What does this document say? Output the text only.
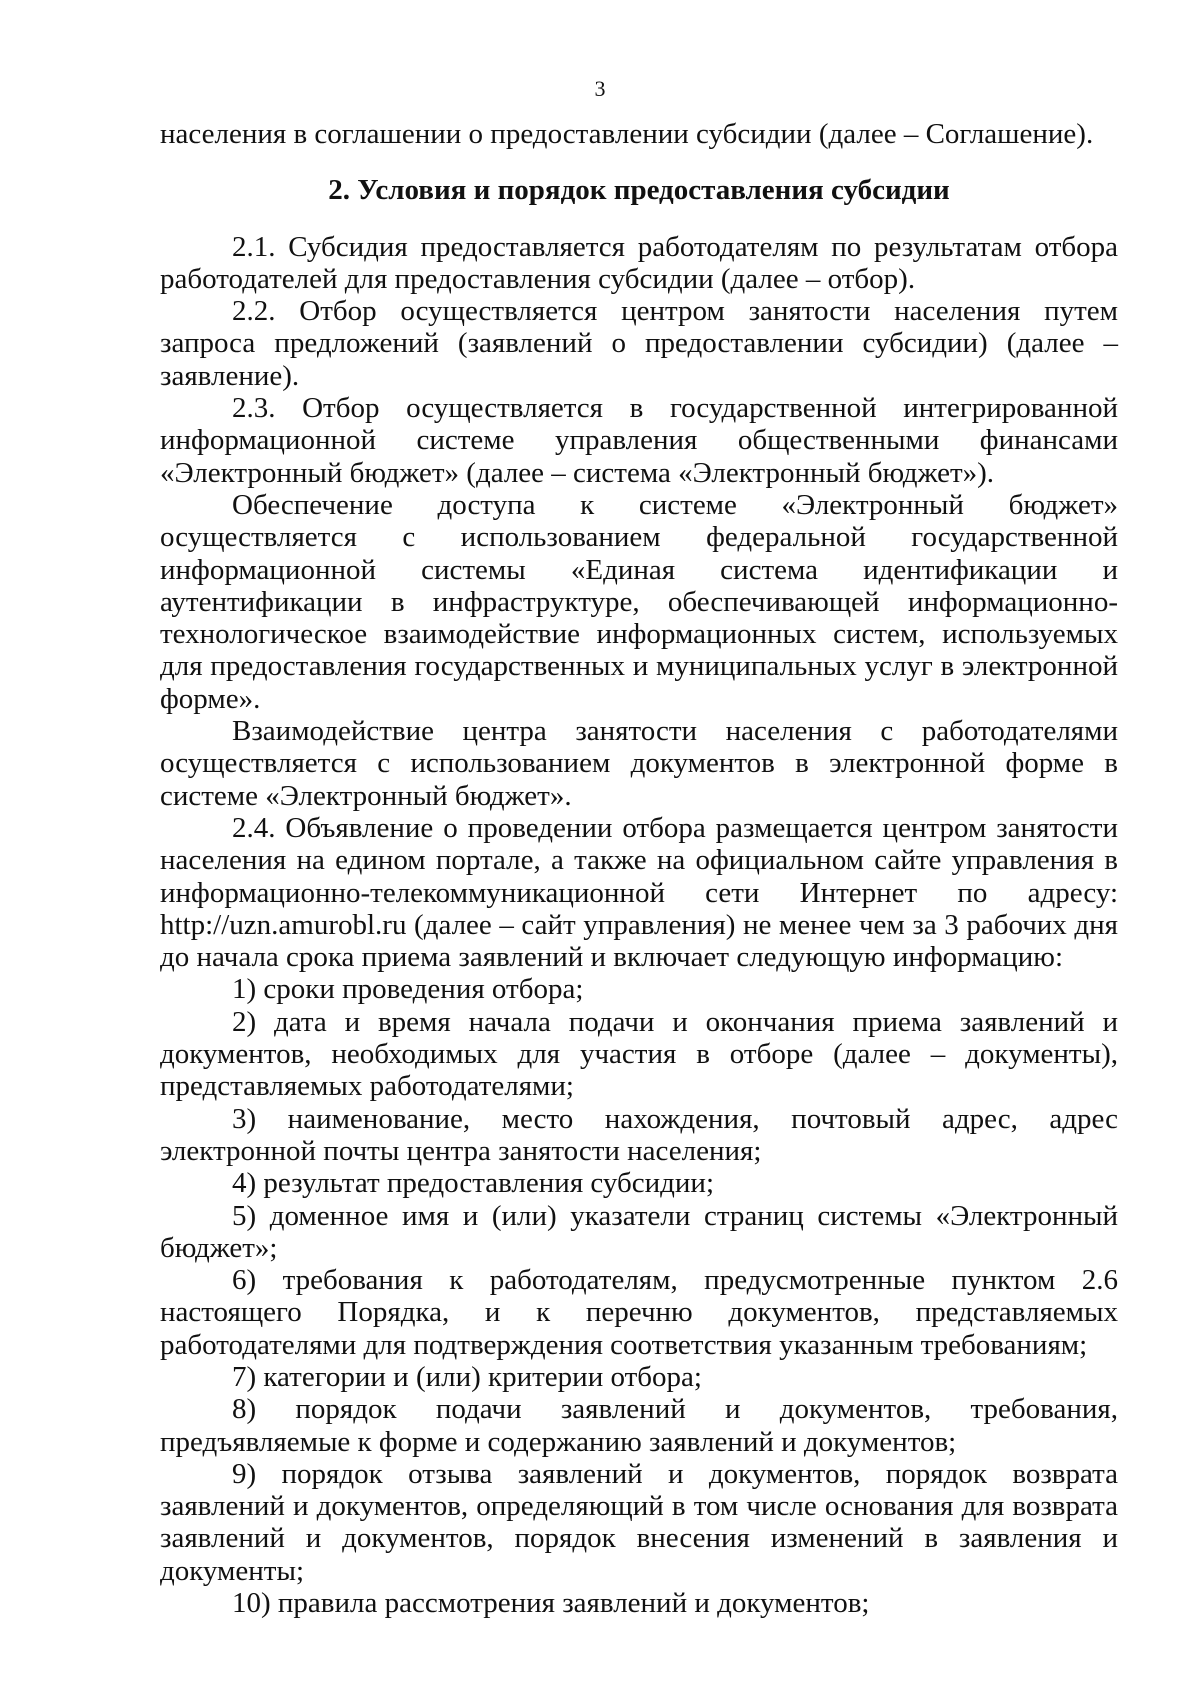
3

населения в соглашении о предоставлении субсидии (далее – Соглашение).

2. Условия и порядок предоставления субсидии

2.1. Субсидия предоставляется работодателям по результатам отбора работодателей для предоставления субсидии (далее – отбор).

2.2. Отбор осуществляется центром занятости населения путем запроса предложений (заявлений о предоставлении субсидии) (далее – заявление).

2.3. Отбор осуществляется в государственной интегрированной информационной системе управления общественными финансами «Электронный бюджет» (далее – система «Электронный бюджет»).

Обеспечение доступа к системе «Электронный бюджет» осуществляется с использованием федеральной государственной информационной системы «Единая система идентификации и аутентификации в инфраструктуре, обеспечивающей информационно-технологическое взаимодействие информационных систем, используемых для предоставления государственных и муниципальных услуг в электронной форме».

Взаимодействие центра занятости населения с работодателями осуществляется с использованием документов в электронной форме в системе «Электронный бюджет».

2.4. Объявление о проведении отбора размещается центром занятости населения на едином портале, а также на официальном сайте управления в информационно-телекоммуникационной сети Интернет по адресу: http://uzn.amurobl.ru (далее – сайт управления) не менее чем за 3 рабочих дня до начала срока приема заявлений и включает следующую информацию:

1) сроки проведения отбора;

2) дата и время начала подачи и окончания приема заявлений и документов, необходимых для участия в отборе (далее – документы), представляемых работодателями;

3) наименование, место нахождения, почтовый адрес, адрес электронной почты центра занятости населения;

4) результат предоставления субсидии;

5) доменное имя и (или) указатели страниц системы «Электронный бюджет»;

6) требования к работодателям, предусмотренные пунктом 2.6 настоящего Порядка, и к перечню документов, представляемых работодателями для подтверждения соответствия указанным требованиям;

7) категории и (или) критерии отбора;

8) порядок подачи заявлений и документов, требования, предъявляемые к форме и содержанию заявлений и документов;

9) порядок отзыва заявлений и документов, порядок возврата заявлений и документов, определяющий в том числе основания для возврата заявлений и документов, порядок внесения изменений в заявления и документы;

10) правила рассмотрения заявлений и документов;
